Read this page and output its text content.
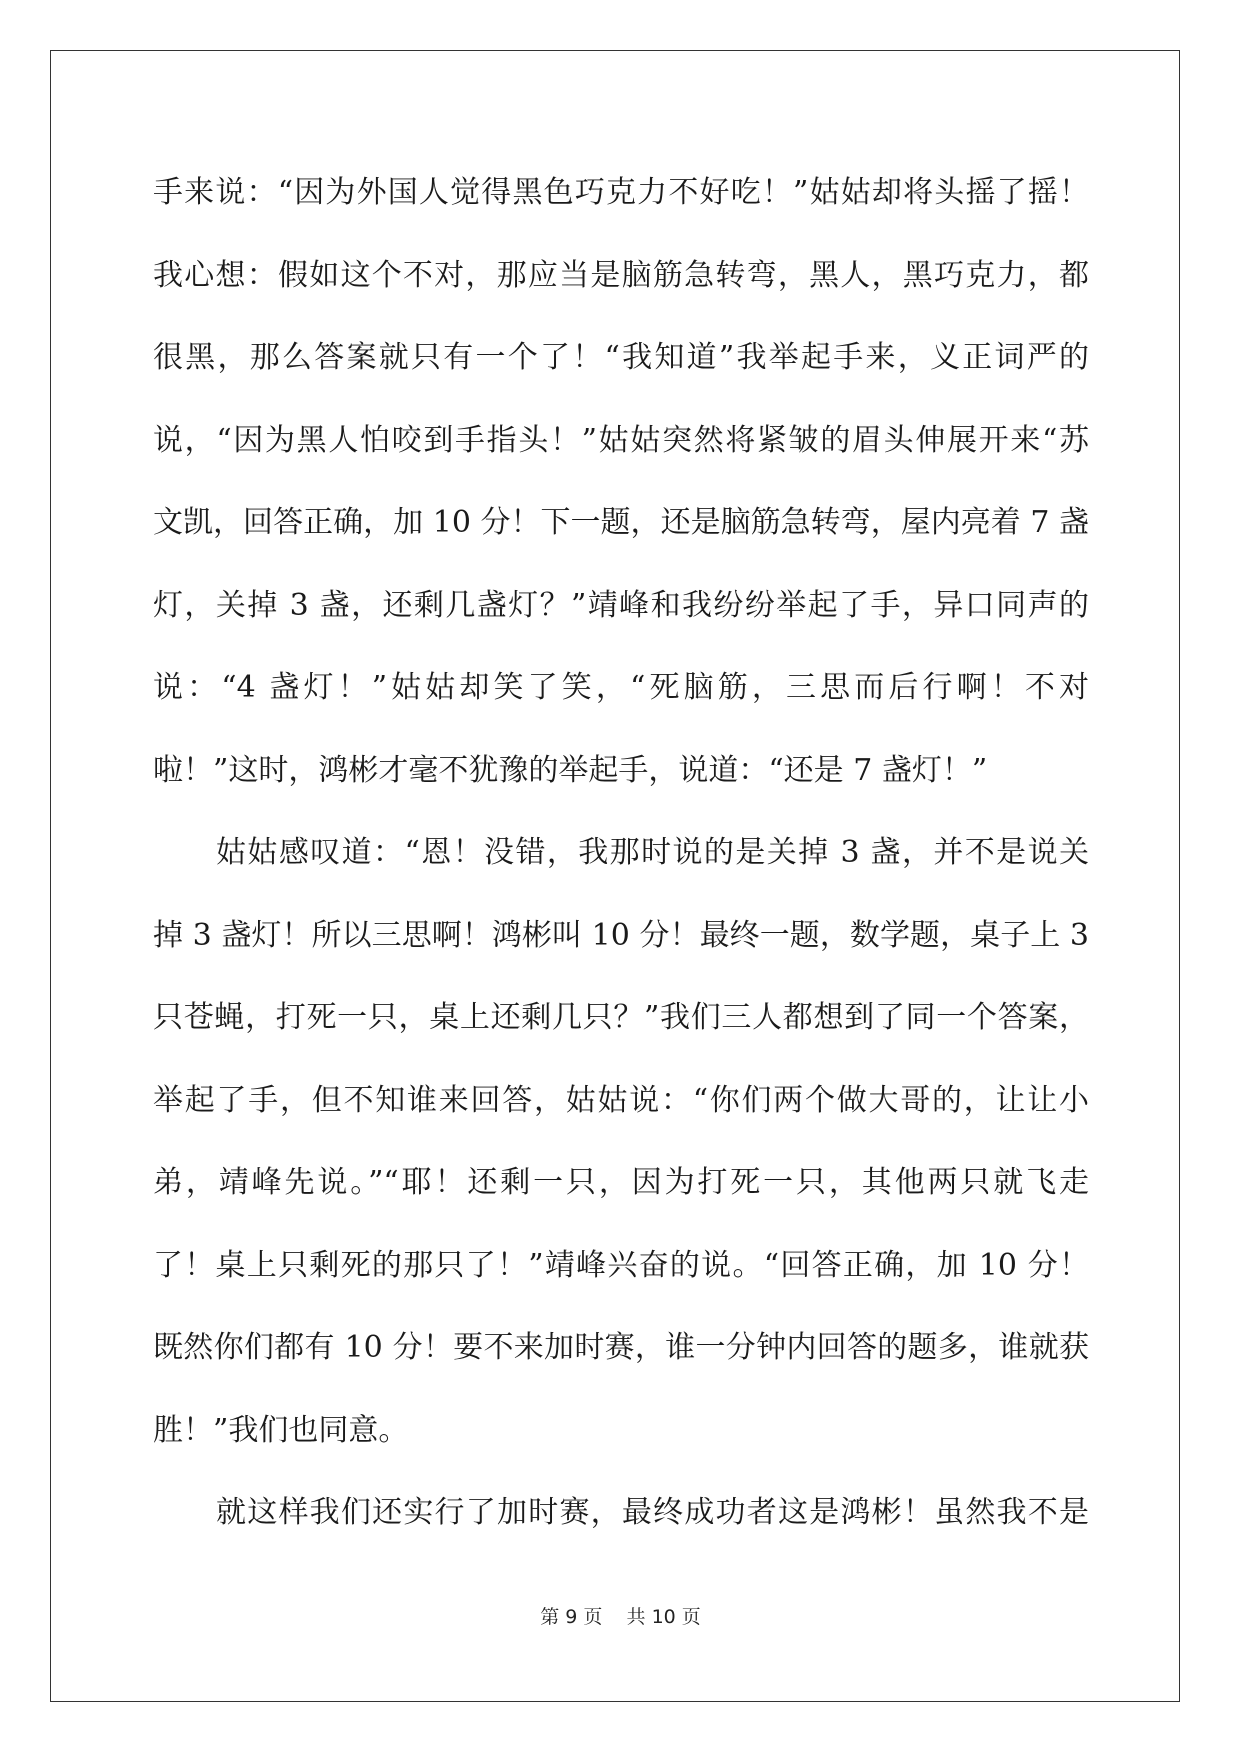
手来说：“因为外国人觉得黑色巧克力不好吃！”姑姑却将头摇了摇！
我心想：假如这个不对，那应当是脑筋急转弯，黑人，黑巧克力，都
很黑，那么答案就只有一个了！“我知道”我举起手来，义正词严的
说，“因为黑人怕咬到手指头！”姑姑突然将紧皱的眉头伸展开来“苏
文凯，回答正确，加 10 分！下一题，还是脑筋急转弯，屋内亮着 7 盏
灯，关掉 3 盏，还剩几盏灯？”靖峰和我纷纷举起了手，异口同声的
说：“4 盏灯！”姑姑却笑了笑，“死脑筋，三思而后行啊！不对
啦！”这时，鸿彬才毫不犹豫的举起手，说道：“还是 7 盏灯！”
姑姑感叹道：“恩！没错，我那时说的是关掉 3 盏，并不是说关
掉 3 盏灯！所以三思啊！鸿彬叫 10 分！最终一题，数学题，桌子上 3
只苍蝇，打死一只，桌上还剩几只？”我们三人都想到了同一个答案，
举起了手，但不知谁来回答，姑姑说：“你们两个做大哥的，让让小
弟，靖峰先说。”“耶！还剩一只，因为打死一只，其他两只就飞走
了！桌上只剩死的那只了！”靖峰兴奋的说。“回答正确，加 10 分！
既然你们都有 10 分！要不来加时赛，谁一分钟内回答的题多，谁就获
胜！”我们也同意。
就这样我们还实行了加时赛，最终成功者这是鸿彬！虽然我不是
第 9 页 共 10 页
